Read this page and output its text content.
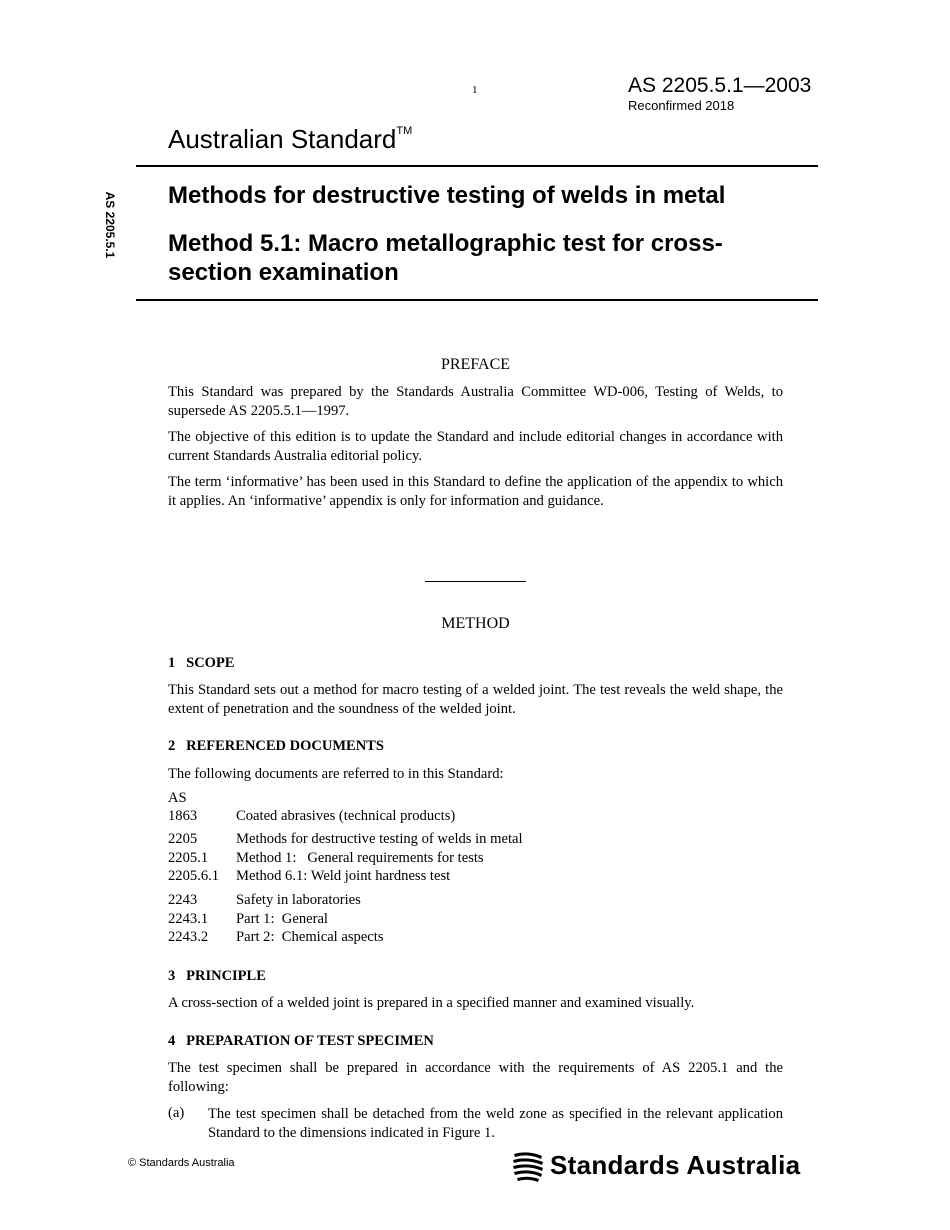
1	AS 2205.5.1—2003
Reconfirmed 2018
Australian Standard™
AS 2205.5.1 Methods for destructive testing of welds in metal
Method 5.1: Macro metallographic test for cross-section examination
PREFACE
This Standard was prepared by the Standards Australia Committee WD-006, Testing of Welds, to supersede AS 2205.5.1—1997.
The objective of this edition is to update the Standard and include editorial changes in accordance with current Standards Australia editorial policy.
The term ‘informative’ has been used in this Standard to define the application of the appendix to which it applies. An ‘informative’ appendix is only for information and guidance.
METHOD
1   SCOPE
This Standard sets out a method for macro testing of a welded joint. The test reveals the weld shape, the extent of penetration and the soundness of the welded joint.
2   REFERENCED DOCUMENTS
The following documents are referred to in this Standard:
AS
1863	Coated abrasives (technical products)
2205	Methods for destructive testing of welds in metal
2205.1 Method 1:   General requirements for tests
2205.6.1 Method 6.1: Weld joint hardness test
2243	Safety in laboratories
2243.1 Part 1:  General
2243.2 Part 2:  Chemical aspects
3   PRINCIPLE
A cross-section of a welded joint is prepared in a specified manner and examined visually.
4   PREPARATION OF TEST SPECIMEN
The test specimen shall be prepared in accordance with the requirements of AS 2205.1 and the following:
(a) The test specimen shall be detached from the weld zone as specified in the relevant application Standard to the dimensions indicated in Figure 1.
© Standards Australia	Standards Australia
